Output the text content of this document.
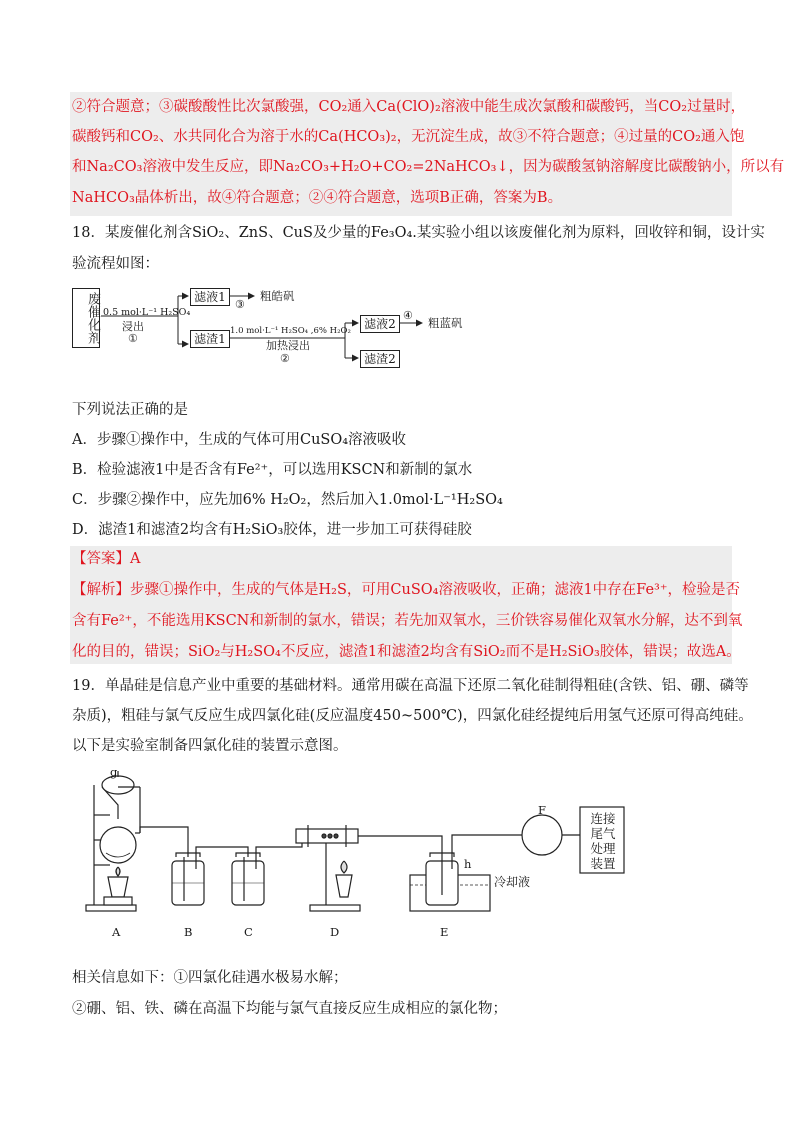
②符合题意；③碳酸酸性比次氯酸强，CO₂通入Ca(ClO)₂溶液中能生成次氯酸和碳酸钙，当CO₂过量时，
碳酸钙和CO₂、水共同化合为溶于水的Ca(HCO₃)₂，无沉淀生成，故③不符合题意；④过量的CO₂通入饱
和Na₂CO₃溶液中发生反应，即Na₂CO₃+H₂O+CO₂=2NaHCO₃↓，因为碳酸氢钠溶解度比碳酸钠小，所以有
NaHCO₃晶体析出，故④符合题意；②④符合题意，选项B正确，答案为B。
18．某废催化剂含SiO₂、ZnS、CuS及少量的Fe₃O₄.某实验小组以该废催化剂为原料，回收锌和铜，设计实
验流程如图：
废催化剂 0.5 mol·L⁻¹ H₂SO₄
浸出
①
滤液1
③
粗皓矾
滤渣1
1.0 mol·L⁻¹ H₂SO₄ ,6% H₂O₂
加热浸出
②
滤液2
④
粗蓝矾
滤渣2
下列说法正确的是
A．步骤①操作中，生成的气体可用CuSO₄溶液吸收
B．检验滤液1中是否含有Fe²⁺，可以选用KSCN和新制的氯水
C．步骤②操作中，应先加6% H₂O₂，然后加入1.0mol·L⁻¹H₂SO₄
D．滤渣1和滤渣2均含有H₂SiO₃胶体，进一步加工可获得硅胶
【答案】A
【解析】步骤①操作中，生成的气体是H₂S，可用CuSO₄溶液吸收，正确；滤液1中存在Fe³⁺，检验是否
含有Fe²⁺，不能选用KSCN和新制的氯水，错误；若先加双氧水，三价铁容易催化双氧水分解，达不到氧
化的目的，错误；SiO₂与H₂SO₄不反应，滤渣1和滤渣2均含有SiO₂而不是H₂SiO₃胶体，错误；故选A。
19．单晶硅是信息产业中重要的基础材料。通常用碳在高温下还原二氧化硅制得粗硅(含铁、铝、硼、磷等
杂质)，粗硅与氯气反应生成四氯化硅(反应温度450~500℃)，四氯化硅经提纯后用氢气还原可得高纯硅。
以下是实验室制备四氯化硅的装置示意图。
g
h
F
连接尾气处理装置
冷却液
A	B	C	D	E
相关信息如下：①四氯化硅遇水极易水解；
②硼、铝、铁、磷在高温下均能与氯气直接反应生成相应的氯化物；
